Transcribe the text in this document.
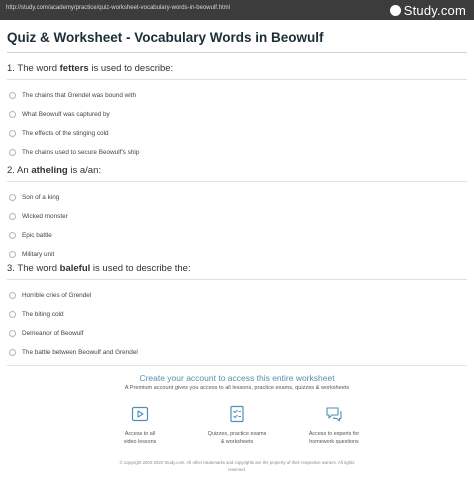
http://study.com/academy/practice/quiz-worksheet-vocabulary-words-in-beowulf.html	Study.com
Quiz & Worksheet - Vocabulary Words in Beowulf
1. The word fetters is used to describe:
The chains that Grendel was bound with
What Beowulf was captured by
The effects of the stinging cold
The chains used to secure Beowulf's ship
2. An atheling is a/an:
Son of a king
Wicked monster
Epic battle
Military unit
3. The word baleful is used to describe the:
Horrible cries of Grendel
The biting cold
Demeanor of Beowulf
The battle between Beowulf and Grendel
Create your account to access this entire worksheet
A Premium account gives you access to all lessons, practice exams, quizzes & worksheets
Access to all
video lessons
Quizzes, practice exams
& worksheets
Access to experts for
homework questions
© copyright 2003-2020 Study.com. All other trademarks and copyrights are the property of their respective owners. All rights
reserved.
